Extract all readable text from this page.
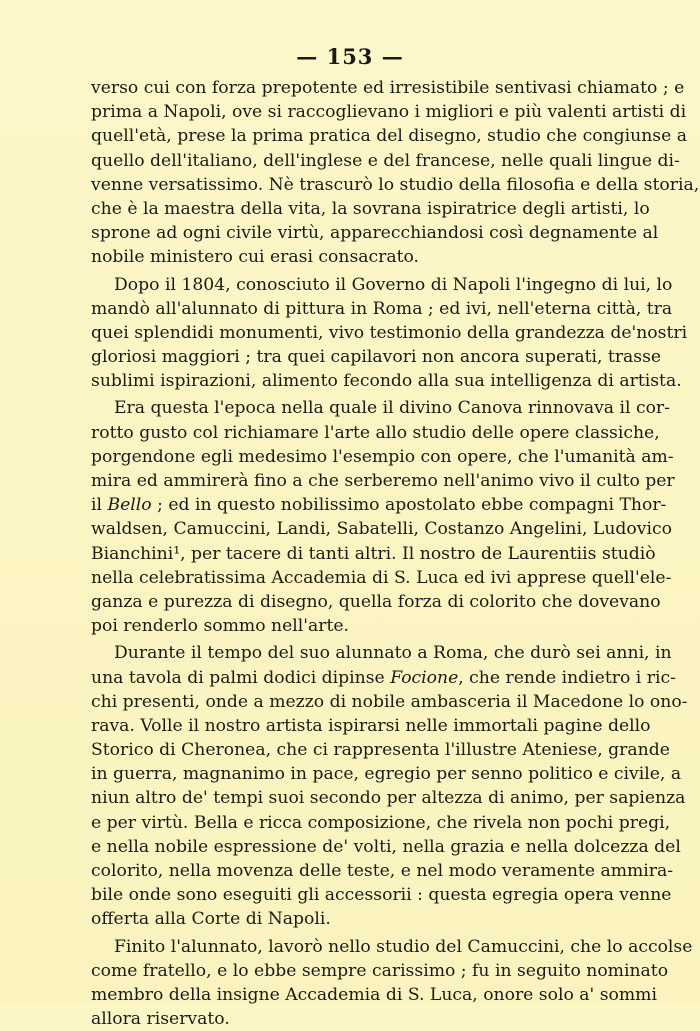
— 153 —
verso cui con forza prepotente ed irresistibile sentivasi chiamato ; e
prima a Napoli, ove si raccoglievano i migliori e più valenti artisti di
quell'età, prese la prima pratica del disegno, studio che congiunse a
quello dell'italiano, dell'inglese e del francese, nelle quali lingue di-
venne versatissimo. Nè trascurò lo studio della filosofia e della storia,
che è la maestra della vita, la sovrana ispiratrice degli artisti, lo
sprone ad ogni civile virtù, apparecchiandosi così degnamente al
nobile ministero cui erasi consacrato.
Dopo il 1804, conosciuto il Governo di Napoli l'ingegno di lui, lo
mandò all'alunnato di pittura in Roma ; ed ivi, nell'eterna città, tra
quei splendidi monumenti, vivo testimonio della grandezza de'nostri
gloriosi maggiori ; tra quei capilavori non ancora superati, trasse
sublimi ispirazioni, alimento fecondo alla sua intelligenza di artista.
Era questa l'epoca nella quale il divino Canova rinnovava il cor-
rotto gusto col richiamare l'arte allo studio delle opere classiche,
porgendone egli medesimo l'esempio con opere, che l'umanità am-
mira ed ammirerà fino a che serberemo nell'animo vivo il culto per
il Bello ; ed in questo nobilissimo apostolato ebbe compagni Thor-
waldsen, Camuccini, Landi, Sabatelli, Costanzo Angelini, Ludovico
Bianchini¹, per tacere di tanti altri. Il nostro de Laurentiis studiò
nella celebratissima Accademia di S. Luca ed ivi apprese quell'ele-
ganza e purezza di disegno, quella forza di colorito che dovevano
poi renderlo sommo nell'arte.
Durante il tempo del suo alunnato a Roma, che durò sei anni, in
una tavola di palmi dodici dipinse Focione, che rende indietro i ric-
chi presenti, onde a mezzo di nobile ambasceria il Macedone lo ono-
rava. Volle il nostro artista ispirarsi nelle immortali pagine dello
Storico di Cheronea, che ci rappresenta l'illustre Ateniese, grande
in guerra, magnanimo in pace, egregio per senno politico e civile, a
niun altro de' tempi suoi secondo per altezza di animo, per sapienza
e per virtù. Bella e ricca composizione, che rivela non pochi pregi,
e nella nobile espressione de' volti, nella grazia e nella dolcezza del
colorito, nella movenza delle teste, e nel modo veramente ammira-
bile onde sono eseguiti gli accessorii : questa egregia opera venne
offerta alla Corte di Napoli.
Finito l'alunnato, lavorò nello studio del Camuccini, che lo accolse
come fratello, e lo ebbe sempre carissimo ; fu in seguito nominato
membro della insigne Accademia di S. Luca, onore solo a' sommi
allora riservato.
